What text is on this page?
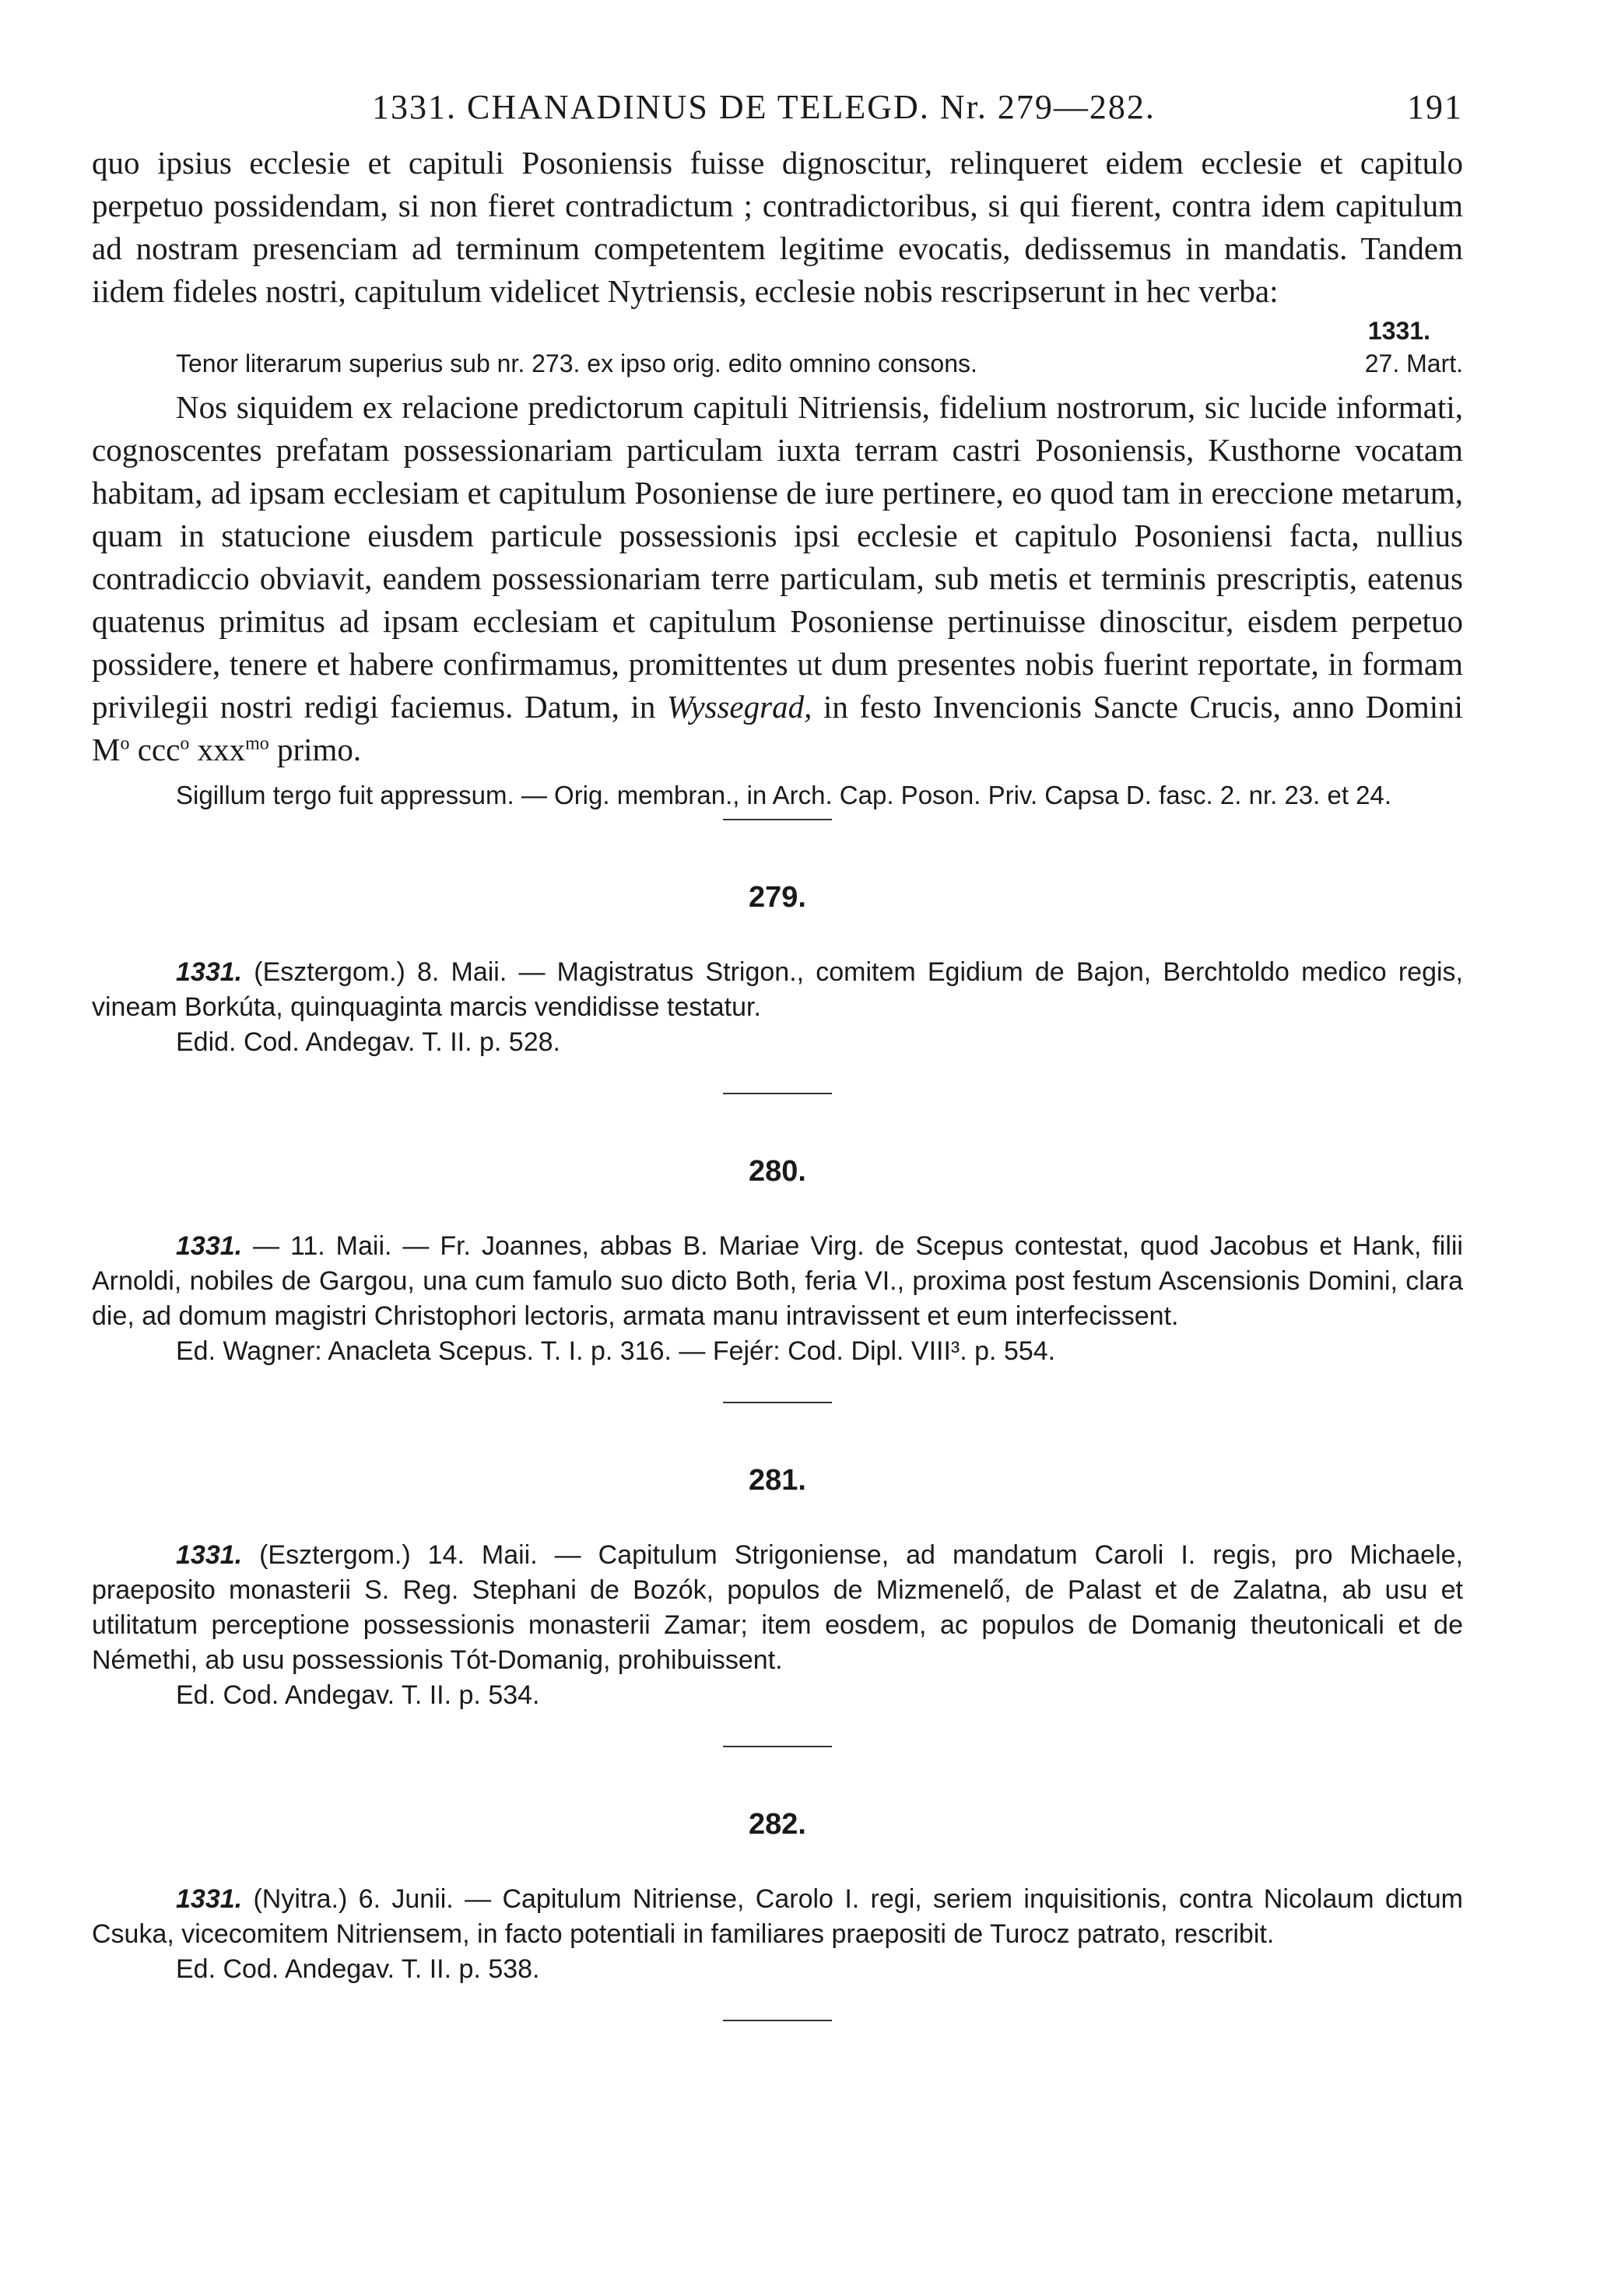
1331. CHANADINUS DE TELEGD. Nr. 279—282.	191

quo ipsius ecclesie et capituli Posoniensis fuisse dignoscitur, relinqueret eidem ecclesie et capitulo perpetuo possidendam, si non fieret contradictum ; contradictoribus, si qui fierent, contra idem capitulum ad nostram presenciam ad terminum competentem legitime evocatis, dedissemus in mandatis. Tandem iidem fideles nostri, capitulum videlicet Nytriensis, ecclesie nobis rescripserunt in hec verba:

1331.
Tenor literarum superius sub nr. 273. ex ipso orig. edito omnino consons.	27. Mart.

Nos siquidem ex relacione predictorum capituli Nitriensis, fidelium nostrorum, sic lucide informati, cognoscentes prefatam possessionariam particulam iuxta terram castri Posoniensis, Kusthorne vocatam habitam, ad ipsam ecclesiam et capitulum Posoniense de iure pertinere, eo quod tam in ereccione metarum, quam in statucione eiusdem particule possessionis ipsi ecclesie et capitulo Posoniensi facta, nullius contradiccio obviavit, eandem possessionariam terre particulam, sub metis et terminis prescriptis, eatenus quatenus primitus ad ipsam ecclesiam et capitulum Posoniense pertinuisse dinoscitur, eisdem perpetuo possidere, tenere et habere confirmamus, promittentes ut dum presentes nobis fuerint reportate, in formam privilegii nostri redigi faciemus. Datum, in Wyssegrad, in festo Invencionis Sancte Crucis, anno Domini $M^o$ ccc$^o$ xxx$^{mo}$ primo.

Sigillum tergo fuit appressum. — Orig. membran., in Arch. Cap. Poson. Priv. Capsa D. fasc. 2. nr. 23. et 24.

279.

1331. (Esztergom.) 8. Maii. — Magistratus Strigon., comitem Egidium de Bajon, Berchtoldo medico regis, vineam Borkúta, quinquaginta marcis vendidisse testatur.

Edid. Cod. Andegav. T. II. p. 528.

280.

1331. — 11. Maii. — Fr. Joannes, abbas B. Mariae Virg. de Scepus contestat, quod Jacobus et Hank, filii Arnoldi, nobiles de Gargou, una cum famulo suo dicto Both, feria VI., proxima post festum Ascensionis Domini, clara die, ad domum magistri Christophori lectoris, armata manu intravissent et eum interfecissent.

Ed. Wagner: Anacleta Scepus. T. I. p. 316. — Fejér: Cod. Dipl. VIII³. p. 554.

281.

1331. (Esztergom.) 14. Maii. — Capitulum Strigoniense, ad mandatum Caroli I. regis, pro Michaele, praeposito monasterii S. Reg. Stephani de Bozók, populos de Mizmenelő, de Palast et de Zalatna, ab usu et utilitatum perceptione possessionis monasterii Zamar; item eosdem, ac populos de Domanig theutonicali et de Némethi, ab usu possessionis Tót-Domanig, prohibuissent.

Ed. Cod. Andegav. T. II. p. 534.

282.

1331. (Nyitra.) 6. Junii. — Capitulum Nitriense, Carolo I. regi, seriem inquisitionis, contra Nicolaum dictum Csuka, vicecomitem Nitriensem, in facto potentiali in familiares praepositi de Turocz patrato, rescribit.

Ed. Cod. Andegav. T. II. p. 538.
